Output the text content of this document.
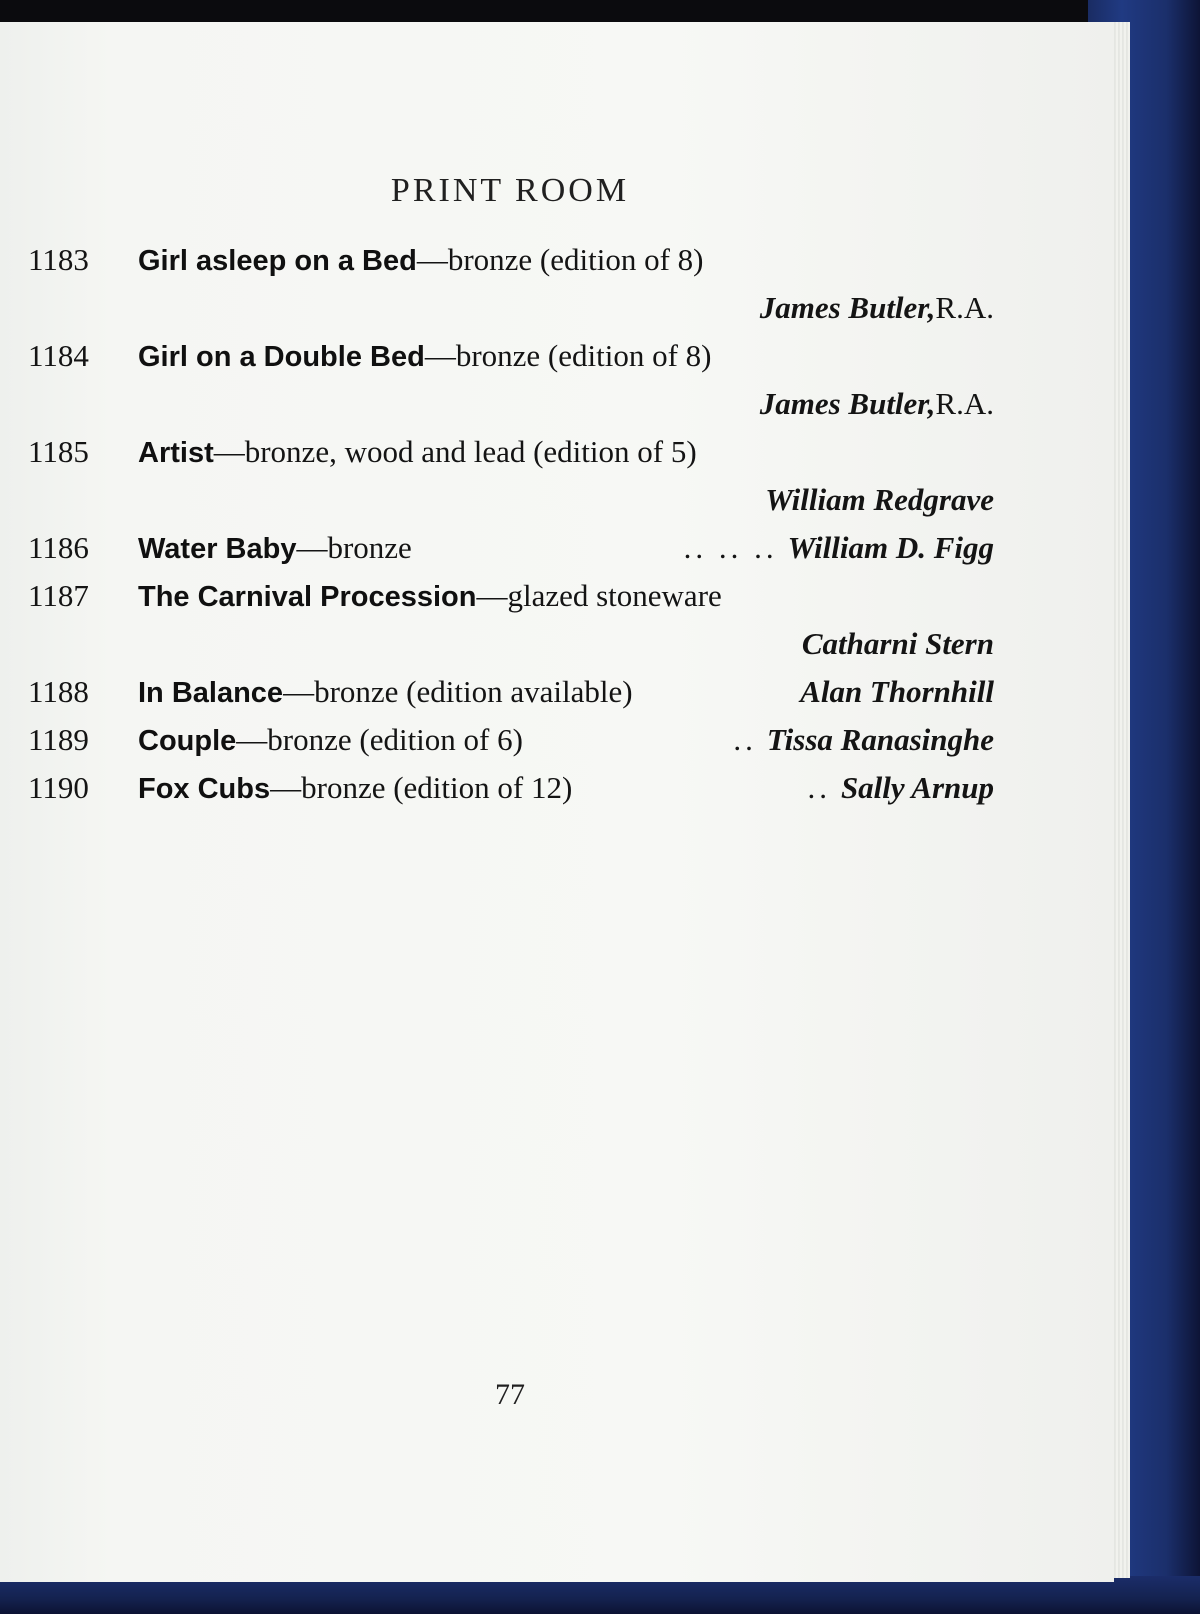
PRINT ROOM
1183	Girl asleep on a Bed —bronze (edition of 8)
James Butler, R.A.
1184	Girl on a Double Bed —bronze (edition of 8)
James Butler, R.A.
1185	Artist —bronze, wood and lead (edition of 5)
William Redgrave
1186	Water Baby —bronze	.. .. .. William D. Figg
1187	The Carnival Procession —glazed stoneware
Catharni Stern
1188	In Balance —bronze (edition available)	Alan Thornhill
1189	Couple —bronze (edition of 6)	.. Tissa Ranasinghe
1190	Fox Cubs —bronze (edition of 12)	.. Sally Arnup
77
